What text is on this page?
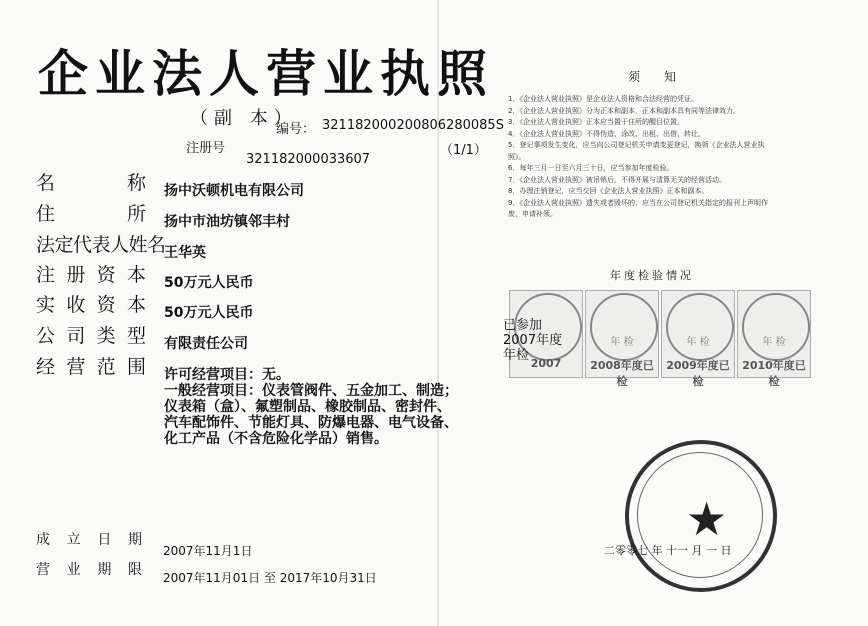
企业法人营业执照
（副 本）
编号： 321182000200806280085S
（1/1）
注册号
321182000033607
名	称 扬中沃顿机电有限公司
住	所 扬中市油坊镇邻丰村
法定代表人姓名
王华英
注 册 资 本 50万元人民币
实 收 资 本 50万元人民币
公 司 类 型 有限责任公司
经 营 范 围 许可经营项目：无。
一般经营项目：仪表管阀件、五金加工、制造；仪表箱（盒）、氟塑制品、橡胶制品、密封件、汽车配饰件、节能灯具、防爆电器、电气设备、化工产品（不含危险化学品）销售。
成 立 日 期
2007年11月1日
营 业 期 限 2007年11月01日 至 2017年10月31日
须知
1．《企业法人营业执照》是企业法人资格和合法经营的凭证。
2．《企业法人营业执照》分为正本和副本，正本和副本具有同等法律效力。
3．《企业法人营业执照》正本应当置于住所的醒目位置。
4．《企业法人营业执照》不得伪造、涂改、出租、出借、转让。
5．登记事项发生变化，应当向公司登记机关申请变更登记，换领《企业法人营业执照》。
6．每年三月一日至六月三十日，应当参加年度检验。
7．《企业法人营业执照》被吊销后，不得开展与清算无关的经营活动。
8．办理注销登记，应当交回《企业法人营业执照》正本和副本。
9．《企业法人营业执照》遗失或者毁坏的，应当在公司登记机关指定的报刊上声明作废，申请补领。
年度检验情况
2007
年 检
2008年度已检
年 检
2009年度已检
年 检
2010年度已检
已参加 2007年度 年检
★
二零零七 年 十一 月 一 日
